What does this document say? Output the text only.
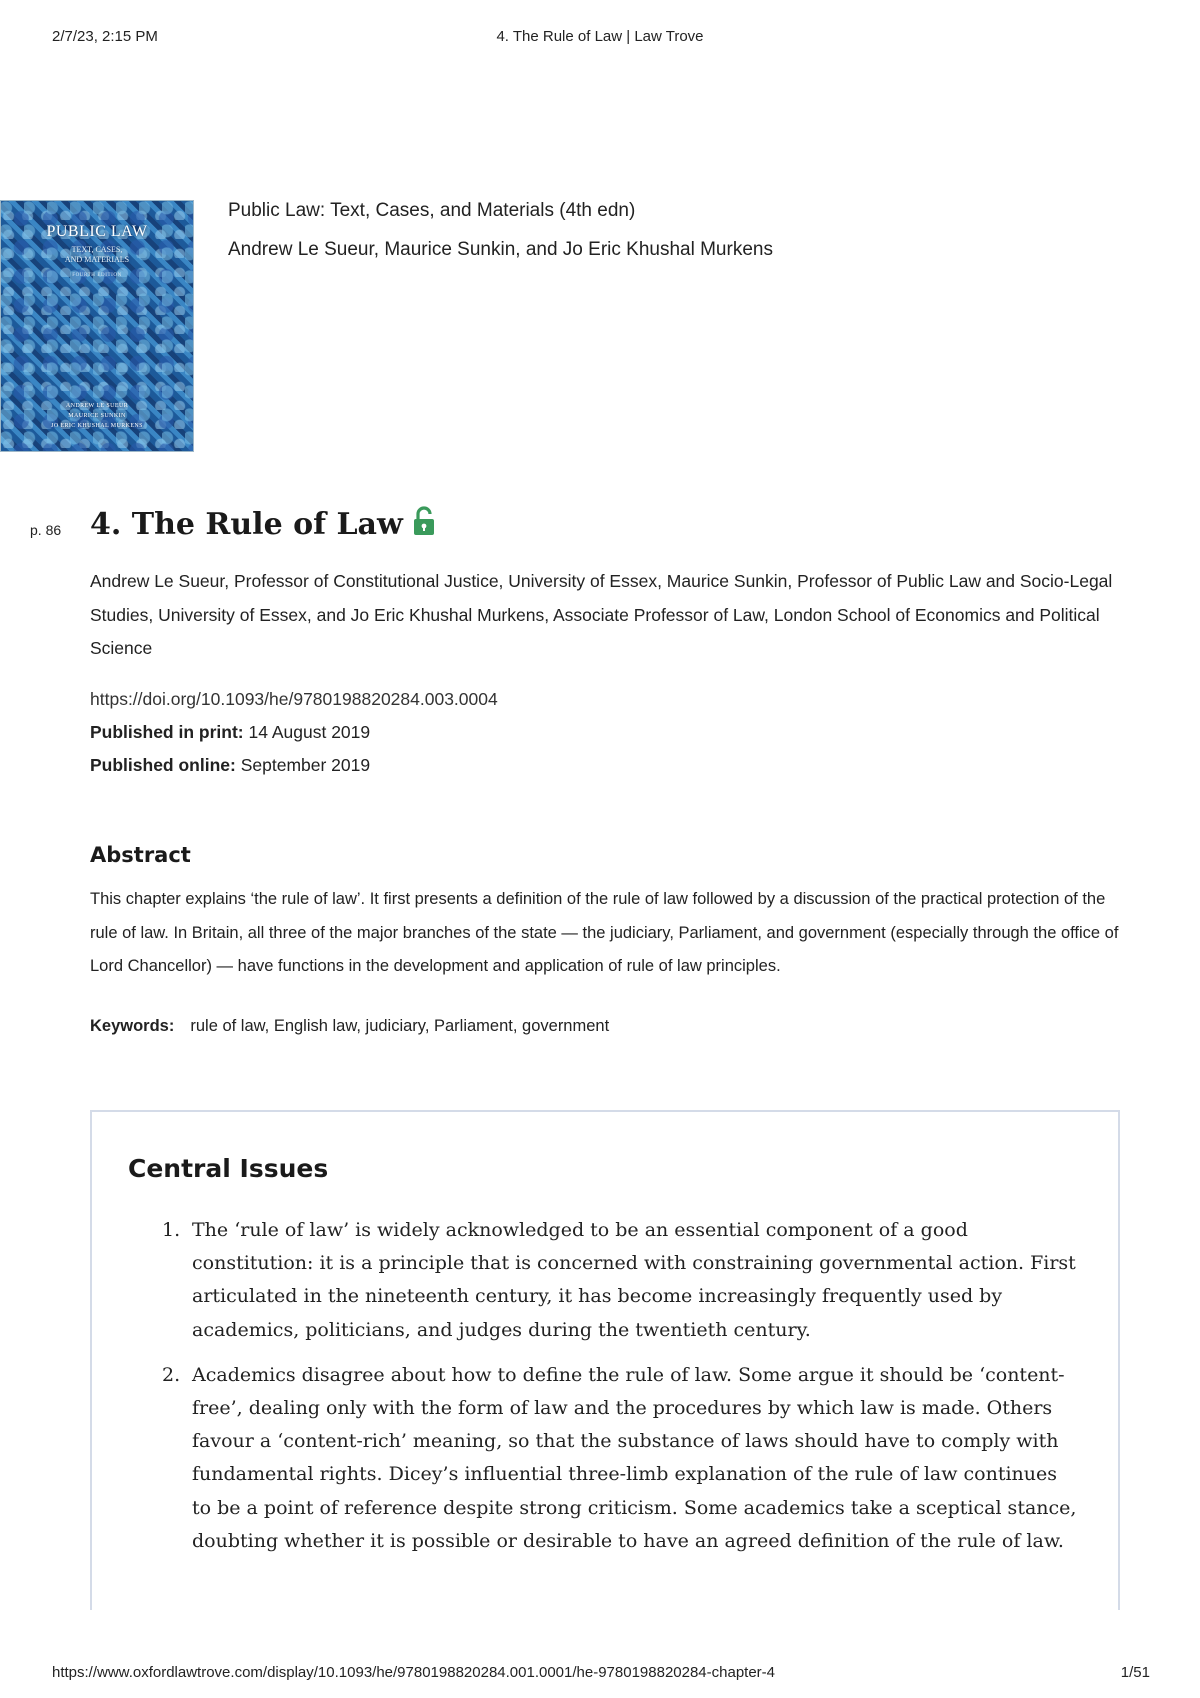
2/7/23, 2:15 PM	4. The Rule of Law | Law Trove
PUBLIC LAW
TEXT, CASES,
AND MATERIALS
FOURTH EDITION
ANDREW LE SUEUR
MAURICE SUNKIN
JO ERIC KHUSHAL MURKENS
Public Law: Text, Cases, and Materials (4th edn)
Andrew Le Sueur, Maurice Sunkin, and Jo Eric Khushal Murkens
p. 86 4. The Rule of Law
Andrew Le Sueur, Professor of Constitutional Justice, University of Essex, Maurice Sunkin, Professor of Public Law and Socio-Legal Studies, University of Essex, and Jo Eric Khushal Murkens, Associate Professor of Law, London School of Economics and Political Science
https://doi.org/10.1093/he/9780198820284.003.0004
Published in print: 14 August 2019
Published online: September 2019
Abstract
This chapter explains ‘the rule of law’. It first presents a definition of the rule of law followed by a discussion of the practical protection of the rule of law. In Britain, all three of the major branches of the state — the judiciary, Parliament, and government (especially through the office of Lord Chancellor) — have functions in the development and application of rule of law principles.
Keywords: rule of law, English law, judiciary, Parliament, government
Central Issues
1. The ‘rule of law’ is widely acknowledged to be an essential component of a good constitution: it is a principle that is concerned with constraining governmental action. First articulated in the nineteenth century, it has become increasingly frequently used by academics, politicians, and judges during the twentieth century.
2. Academics disagree about how to define the rule of law. Some argue it should be ‘content-free’, dealing only with the form of law and the procedures by which law is made. Others favour a ‘content-rich’ meaning, so that the substance of laws should have to comply with fundamental rights. Dicey’s influential three-limb explanation of the rule of law continues to be a point of reference despite strong criticism. Some academics take a sceptical stance, doubting whether it is possible or desirable to have an agreed definition of the rule of law.
https://www.oxfordlawtrove.com/display/10.1093/he/9780198820284.001.0001/he-9780198820284-chapter-4	1/51
